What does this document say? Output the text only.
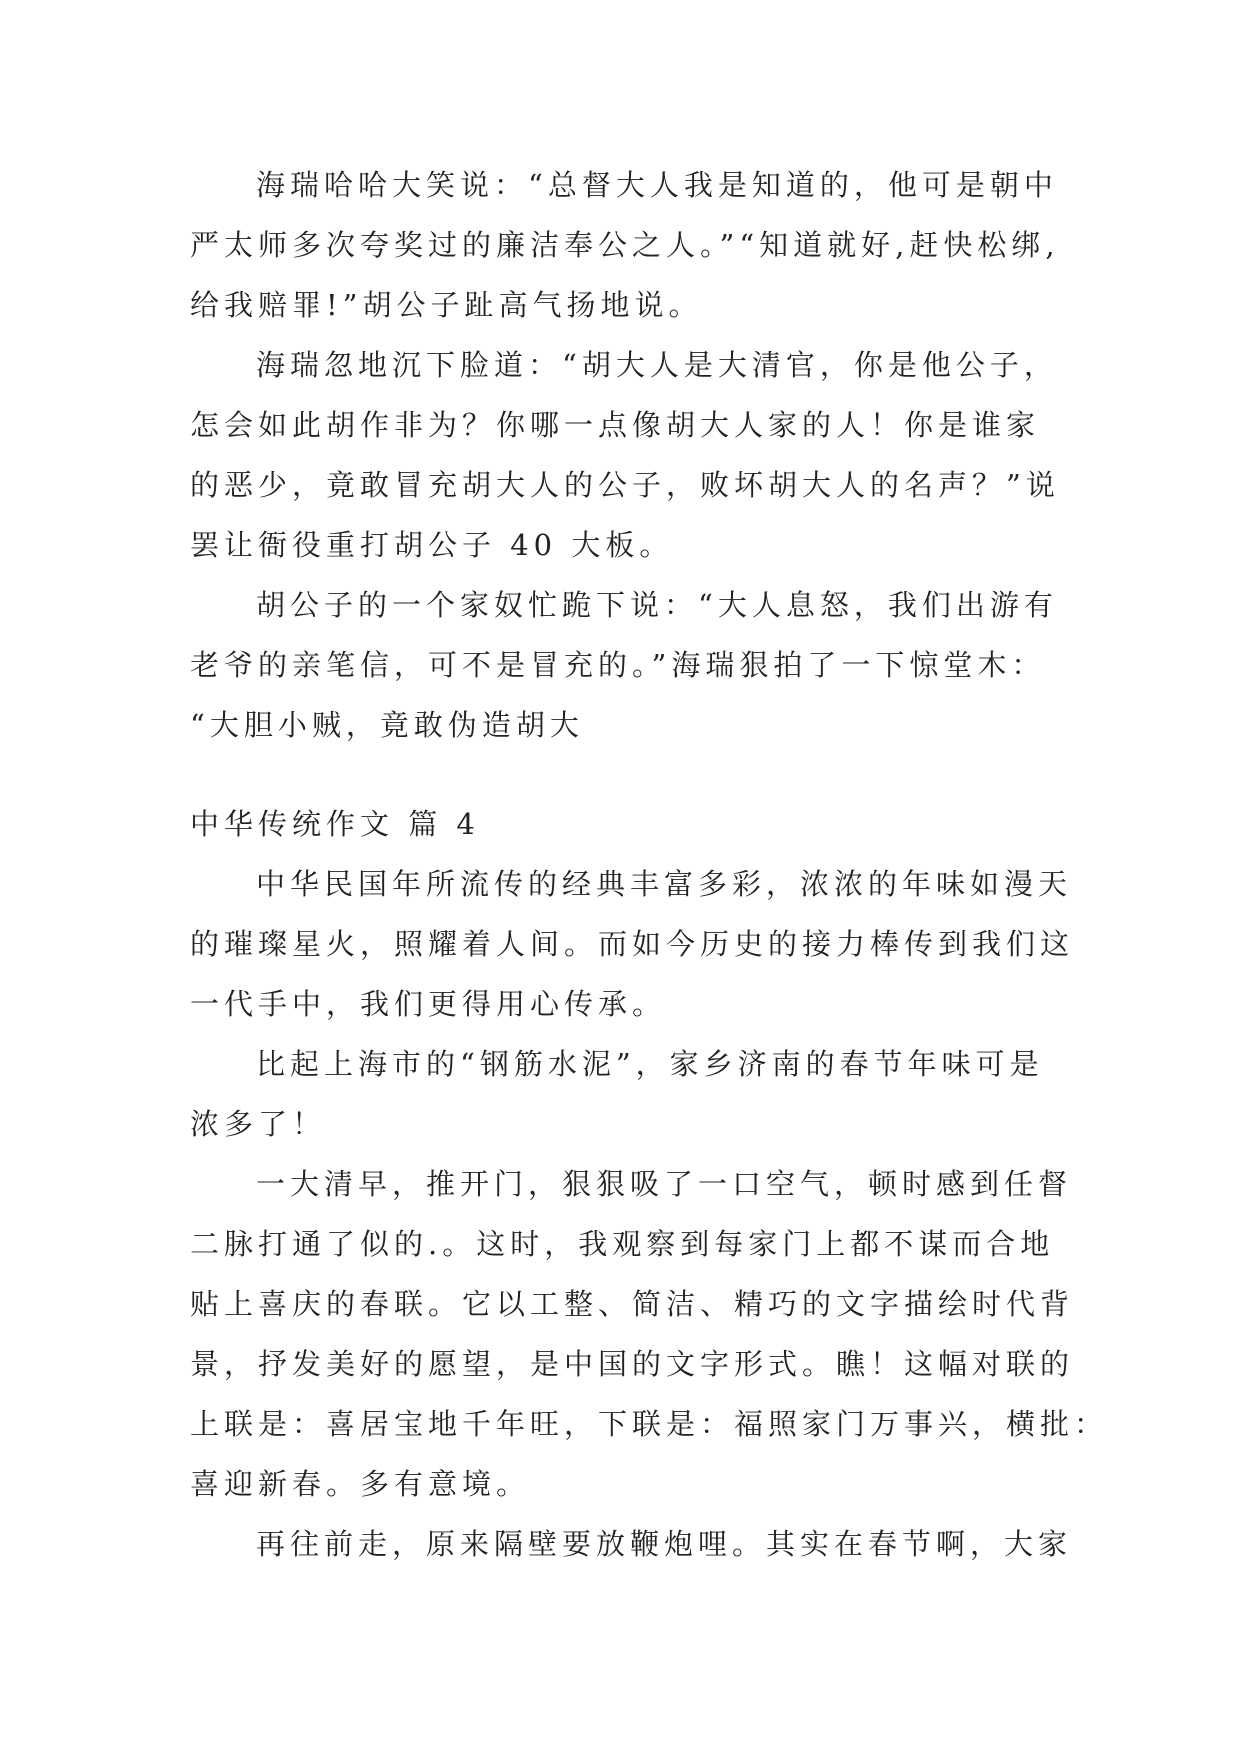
海瑞哈哈大笑说：“总督大人我是知道的，他可是朝中
严太师多次夸奖过的廉洁奉公之人。”“知道就好,赶快松绑,
给我赔罪!”胡公子趾高气扬地说。
海瑞忽地沉下脸道：“胡大人是大清官，你是他公子，
怎会如此胡作非为？你哪一点像胡大人家的人！你是谁家
的恶少，竟敢冒充胡大人的公子，败坏胡大人的名声？”说
罢让衙役重打胡公子 40 大板。
胡公子的一个家奴忙跪下说：“大人息怒，我们出游有
老爷的亲笔信，可不是冒充的。”海瑞狠拍了一下惊堂木：
“大胆小贼，竟敢伪造胡大
中华传统作文 篇 4
中华民国年所流传的经典丰富多彩，浓浓的年味如漫天
的璀璨星火，照耀着人间。而如今历史的接力棒传到我们这
一代手中，我们更得用心传承。
比起上海市的“钢筋水泥”，家乡济南的春节年味可是
浓多了！
一大清早，推开门，狠狠吸了一口空气，顿时感到任督
二脉打通了似的.。这时，我观察到每家门上都不谋而合地
贴上喜庆的春联。它以工整、简洁、精巧的文字描绘时代背
景，抒发美好的愿望，是中国的文字形式。瞧！这幅对联的
上联是：喜居宝地千年旺，下联是：福照家门万事兴，横批：
喜迎新春。多有意境。
再往前走，原来隔壁要放鞭炮哩。其实在春节啊，大家
